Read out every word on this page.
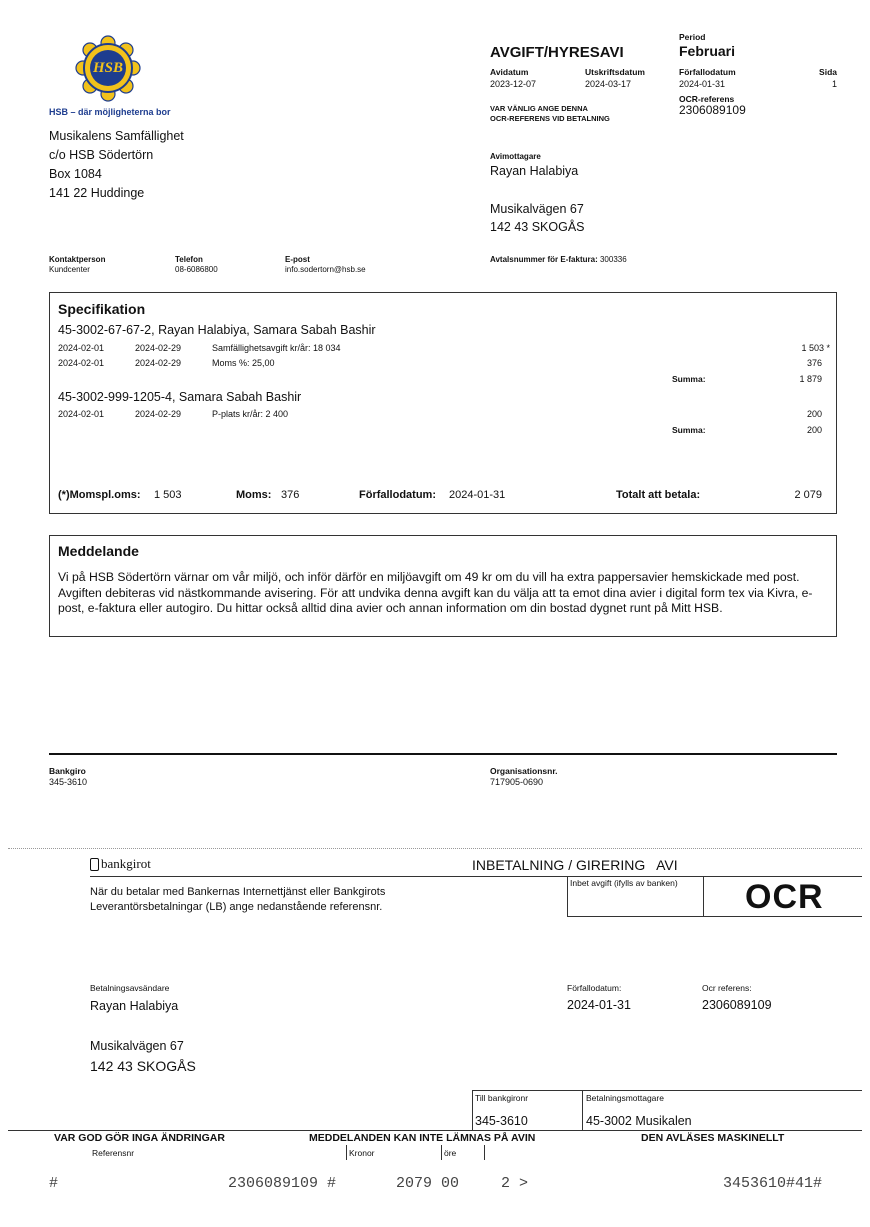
HSB
HSB – där möjligheterna bor
Musikalens Samfällighet
c/o HSB Södertörn
Box 1084
141 22 Huddinge
AVGIFT/HYRESAVI
Period
Februari
Avidatum
2023-12-07
Utskriftsdatum
2024-03-17
Förfallodatum
2024-01-31
Sida
1
OCR-referens
2306089109
VAR VÄNLIG ANGE DENNA
OCR-REFERENS VID BETALNING
Avimottagare
Rayan Halabiya
Musikalvägen 67
142 43 SKOGÅS
Kontaktperson
Kundcenter
Telefon
08-6086800
E-post
info.sodertorn@hsb.se
Avtalsnummer för E-faktura: 300336
Specifikation
45-3002-67-67-2, Rayan Halabiya, Samara Sabah Bashir
2024-02-01	2024-02-29	Samfällighetsavgift kr/år: 18 034	1 503 *
2024-02-01	2024-02-29	Moms %: 25,00	376
Summa:	1 879
45-3002-999-1205-4, Samara Sabah Bashir
2024-02-01	2024-02-29	P-plats kr/år: 2 400	200
Summa:	200
(*)Momspl.oms: 1 503	Moms: 376	Förfallodatum: 2024-01-31	Totalt att betala:	2 079
Meddelande
Vi på HSB Södertörn värnar om vår miljö, och inför därför en miljöavgift om 49 kr om du vill ha extra pappersavier hemskickade med post. Avgiften debiteras vid nästkommande avisering. För att undvika denna avgift kan du välja att ta emot dina avier i digital form tex via Kivra, e-post, e-faktura eller autogiro. Du hittar också alltid dina avier och annan information om din bostad dygnet runt på Mitt HSB.
Bankgiro
345-3610
Organisationsnr.
717905-0690
bankgirot	INBETALNING / GIRERING   AVI
Inbet avgift (ifylls av banken) OCR
När du betalar med Bankernas Internettjänst eller Bankgirots Leverantörsbetalningar (LB) ange nedanstående referensnr.
Betalningsavsändare
Rayan Halabiya
Musikalvägen 67
142 43 SKOGÅS
Förfallodatum:
2024-01-31
Ocr referens:
2306089109
Till bankgironr
345-3610
Betalningsmottagare
45-3002 Musikalen
VAR GOD GÖR INGA ÄNDRINGAR	MEDDELANDEN KAN INTE LÄMNAS PÅ AVIN	DEN AVLÄSES MASKINELLT
Referensnr	Kronor	öre
#	2306089109 #	2079 00	2 >	3453610#41#
